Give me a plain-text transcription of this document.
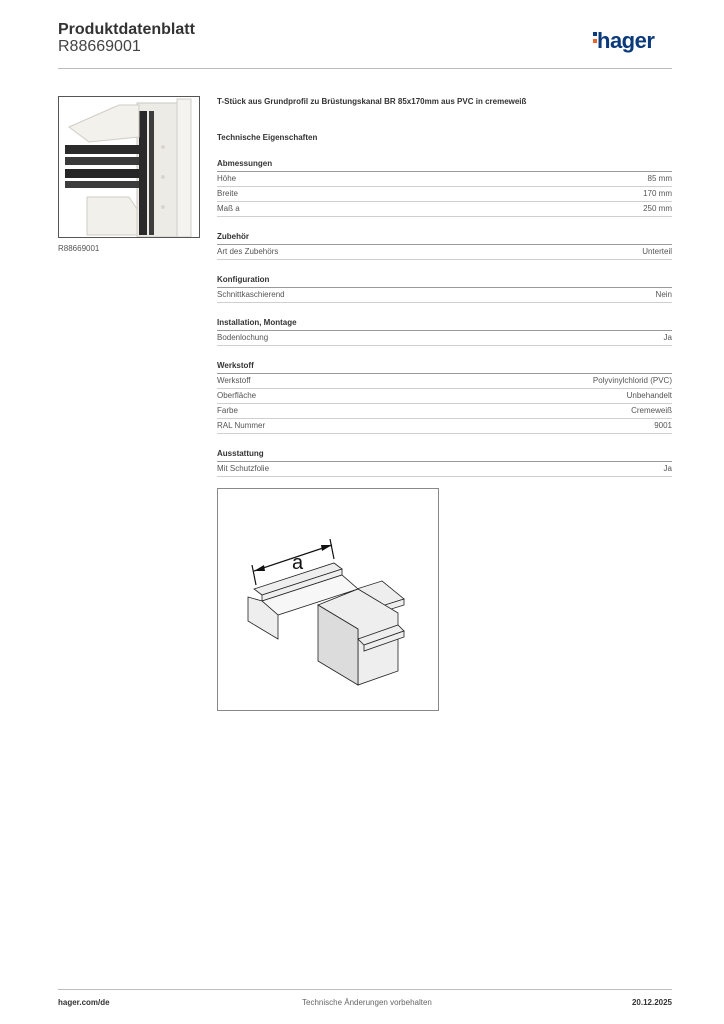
Produktdatenblatt
R88669001	hager
R88669001
T-Stück aus Grundprofil zu Brüstungskanal BR 85x170mm aus PVC in cremeweiß
Technische Eigenschaften
Abmessungen
Höhe	85 mm
Breite	170 mm
Maß a	250 mm
Zubehör
Art des Zubehörs	Unterteil
Konfiguration
Schnittkaschierend	Nein
Installation, Montage
Bodenlochung	Ja
Werkstoff
Werkstoff	Polyvinylchlorid (PVC)
Oberfläche	Unbehandelt
Farbe	Cremeweiß
RAL Nummer	9001
Ausstattung
Mit Schutzfolie	Ja
a
hager.com/de	Technische Änderungen vorbehalten	20.12.2025
